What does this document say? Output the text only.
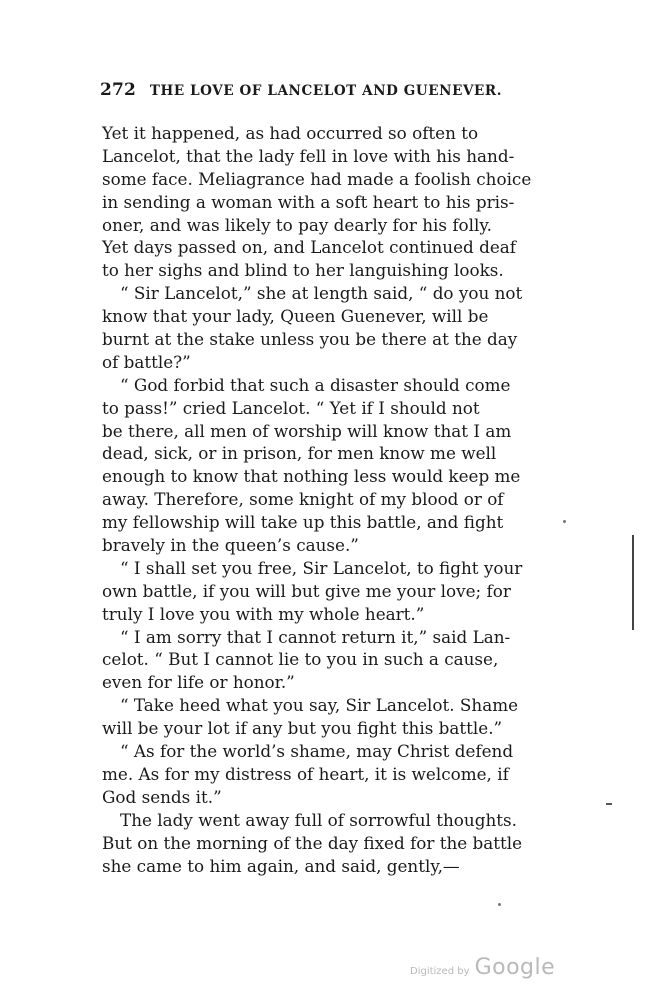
272 THE LOVE OF LANCELOT AND GUENEVER.
Yet it happened, as had occurred so often to
Lancelot, that the lady fell in love with his hand-
some face. Meliagrance had made a foolish choice
in sending a woman with a soft heart to his pris-
oner, and was likely to pay dearly for his folly.
Yet days passed on, and Lancelot continued deaf
to her sighs and blind to her languishing looks.
“ Sir Lancelot,” she at length said, “ do you not
know that your lady, Queen Guenever, will be
burnt at the stake unless you be there at the day
of battle?”
“ God forbid that such a disaster should come
to pass!” cried Lancelot. “ Yet if I should not
be there, all men of worship will know that I am
dead, sick, or in prison, for men know me well
enough to know that nothing less would keep me
away. Therefore, some knight of my blood or of
my fellowship will take up this battle, and fight
bravely in the queen’s cause.”
“ I shall set you free, Sir Lancelot, to fight your
own battle, if you will but give me your love; for
truly I love you with my whole heart.”
“ I am sorry that I cannot return it,” said Lan-
celot. “ But I cannot lie to you in such a cause,
even for life or honor.”
“ Take heed what you say, Sir Lancelot. Shame
will be your lot if any but you fight this battle.”
“ As for the world’s shame, may Christ defend
me. As for my distress of heart, it is welcome, if
God sends it.”
The lady went away full of sorrowful thoughts.
But on the morning of the day fixed for the battle
she came to him again, and said, gently,—
Digitized by Google
